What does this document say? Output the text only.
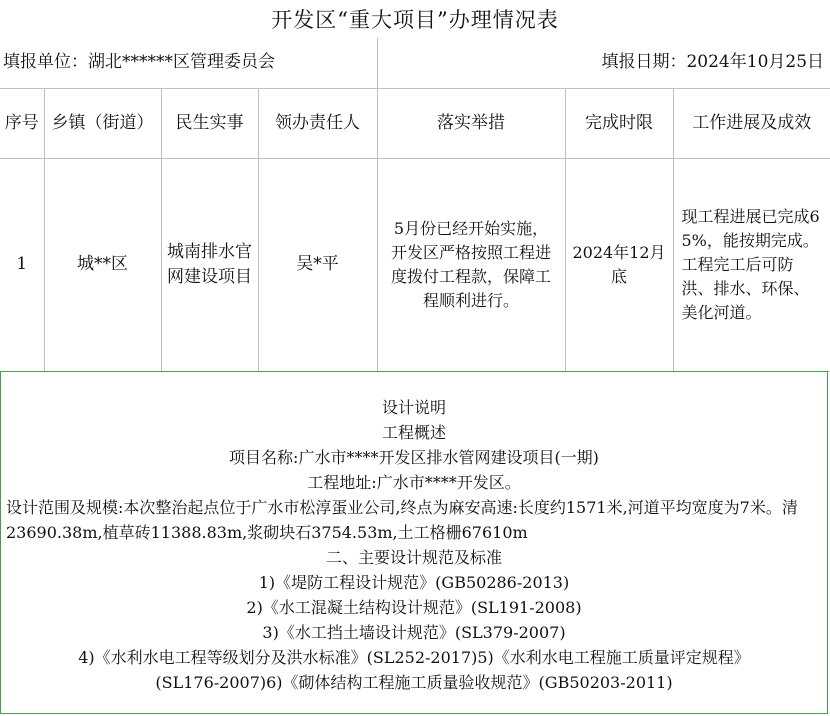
开发区“重大项目”办理情况表
填报单位：湖北******区管理委员会				填报日期：2024年10月25日		
序号	乡镇（街道）	民生实事	领办责任人	落实举措	完成时限	工作进展及成效
1	城**区	城南排水官网建设项目	吴*平	5月份已经开始实施，开发区严格按照工程进度拨付工程款，保障工程顺利进行。	2024年12月底	现工程进展已完成65%，能按期完成。工程完工后可防洪、排水、环保、美化河道。
设计说明
工程概述
项目名称:广水市****开发区排水管网建设项目(一期)
工程地址:广水市****开发区。
设计范围及规模:本次整治起点位于广水市松淳蛋业公司,终点为麻安高速:长度约1571米,河道平均宽度为7米。清23690.38m,植草砖11388.83m,浆砌块石3754.53m,土工格栅67610m
二、主要设计规范及标准
1)《堤防工程设计规范》(GB50286-2013)
2)《水工混凝土结构设计规范》(SL191-2008)
3)《水工挡土墙设计规范》(SL379-2007)
4)《水利水电工程等级划分及洪水标准》(SL252-2017)5)《水利水电工程施工质量评定规程》
(SL176-2007)6)《砌体结构工程施工质量验收规范》(GB50203-2011)
